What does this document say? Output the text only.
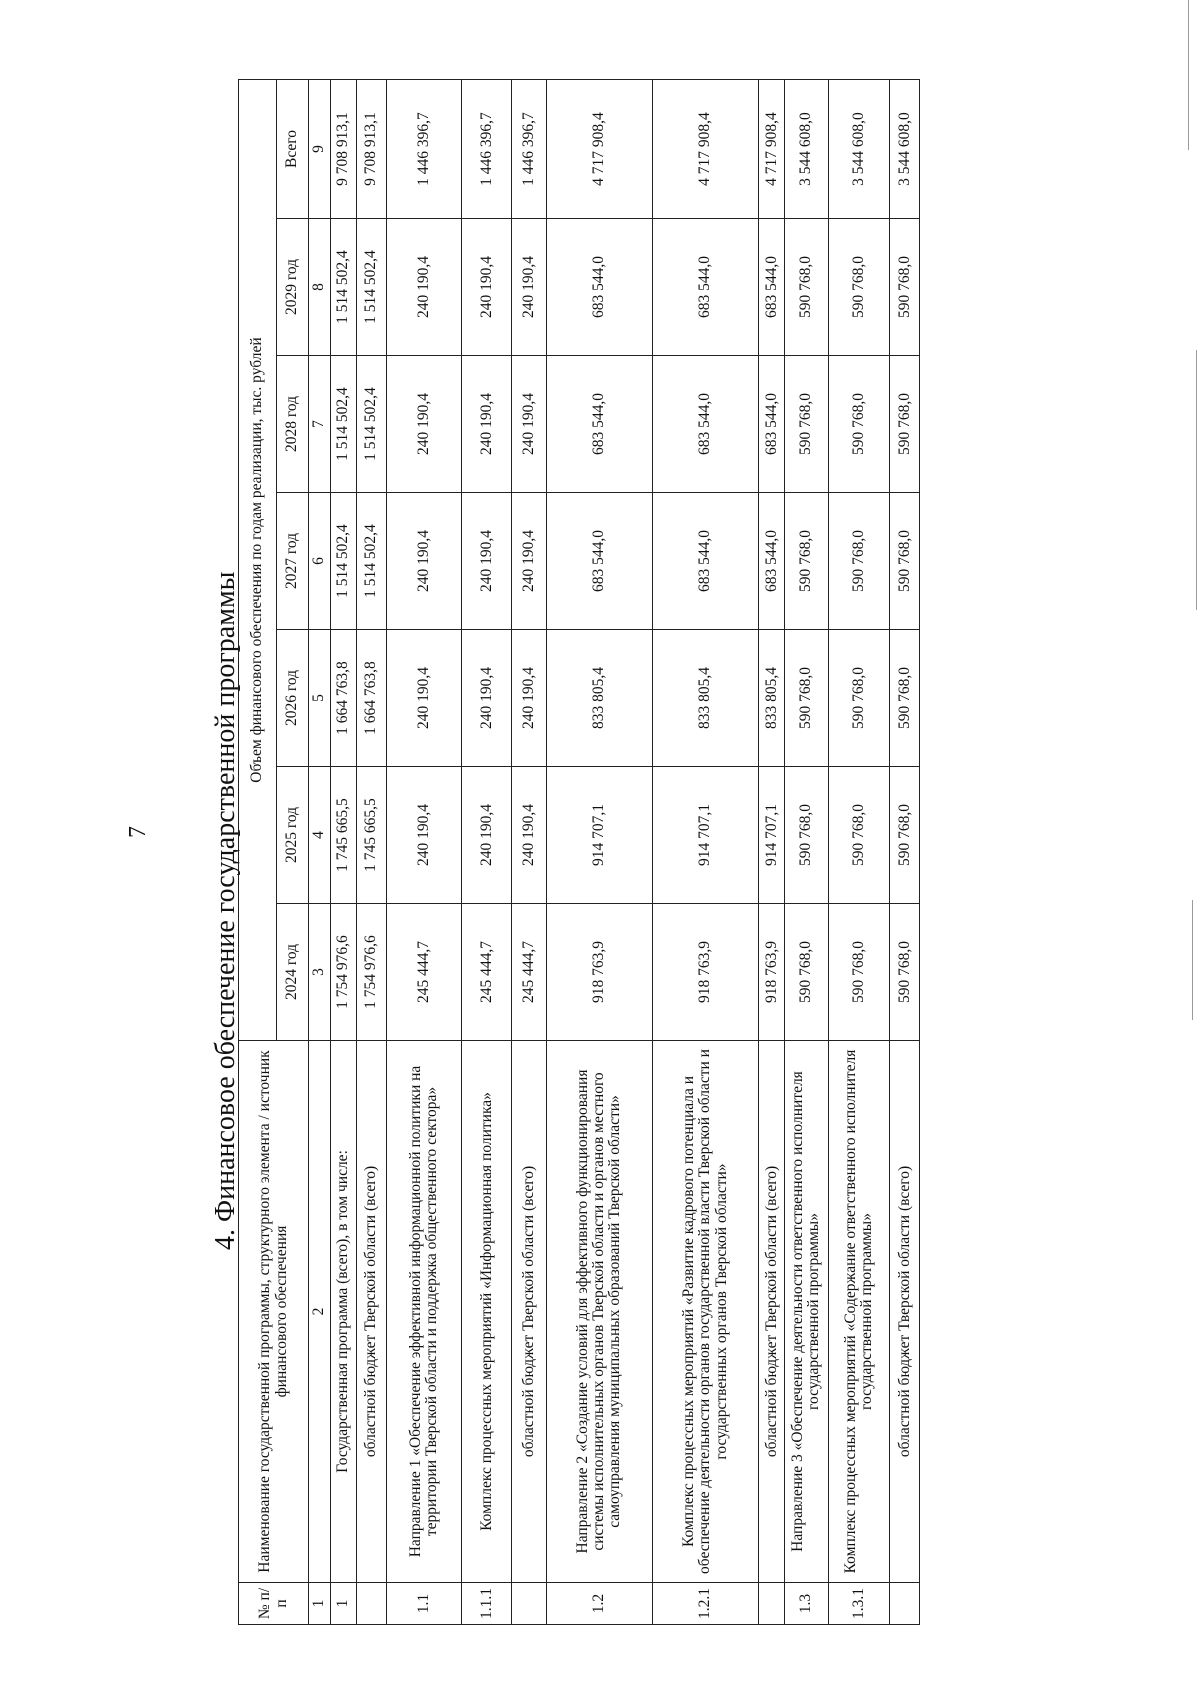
7 4. Финансовое обеспечение государственной программы
№ п/п	Наименование государственной программы, структурного элемента / источник финансового обеспечения	Объем финансового обеспечения по годам реализации, тыс. рублей						
		2024 год	2025 год	2026 год	2027 год	2028 год	2029 год	Всего
1	2	3	4	5	6	7	8	9
1	Государственная программа (всего), в том числе:	1 754 976,6	1 745 665,5	1 664 763,8	1 514 502,4	1 514 502,4	1 514 502,4	9 708 913,1
	областной бюджет Тверской области (всего)	1 754 976,6	1 745 665,5	1 664 763,8	1 514 502,4	1 514 502,4	1 514 502,4	9 708 913,1
1.1	Направление 1 «Обеспечение эффективной информационной политики на территории Тверской области и поддержка общественного сектора»	245 444,7	240 190,4	240 190,4	240 190,4	240 190,4	240 190,4	1 446 396,7
1.1.1	Комплекс процессных мероприятий «Информационная политика»	245 444,7	240 190,4	240 190,4	240 190,4	240 190,4	240 190,4	1 446 396,7
	областной бюджет Тверской области (всего)	245 444,7	240 190,4	240 190,4	240 190,4	240 190,4	240 190,4	1 446 396,7
1.2	Направление 2 «Создание условий для эффективного функционирования системы исполнительных органов Тверской области и органов местного самоуправления муниципальных образований Тверской области»	918 763,9	914 707,1	833 805,4	683 544,0	683 544,0	683 544,0	4 717 908,4
1.2.1	Комплекс процессных мероприятий «Развитие кадрового потенциала и обеспечение деятельности органов государственной власти Тверской области и государственных органов Тверской области»	918 763,9	914 707,1	833 805,4	683 544,0	683 544,0	683 544,0	4 717 908,4
	областной бюджет Тверской области (всего)	918 763,9	914 707,1	833 805,4	683 544,0	683 544,0	683 544,0	4 717 908,4
1.3	Направление 3 «Обеспечение деятельности ответственного исполнителя государственной программы»	590 768,0	590 768,0	590 768,0	590 768,0	590 768,0	590 768,0	3 544 608,0
1.3.1	Комплекс процессных мероприятий «Содержание ответственного исполнителя государственной программы»	590 768,0	590 768,0	590 768,0	590 768,0	590 768,0	590 768,0	3 544 608,0
	областной бюджет Тверской области (всего)	590 768,0	590 768,0	590 768,0	590 768,0	590 768,0	590 768,0	3 544 608,0
